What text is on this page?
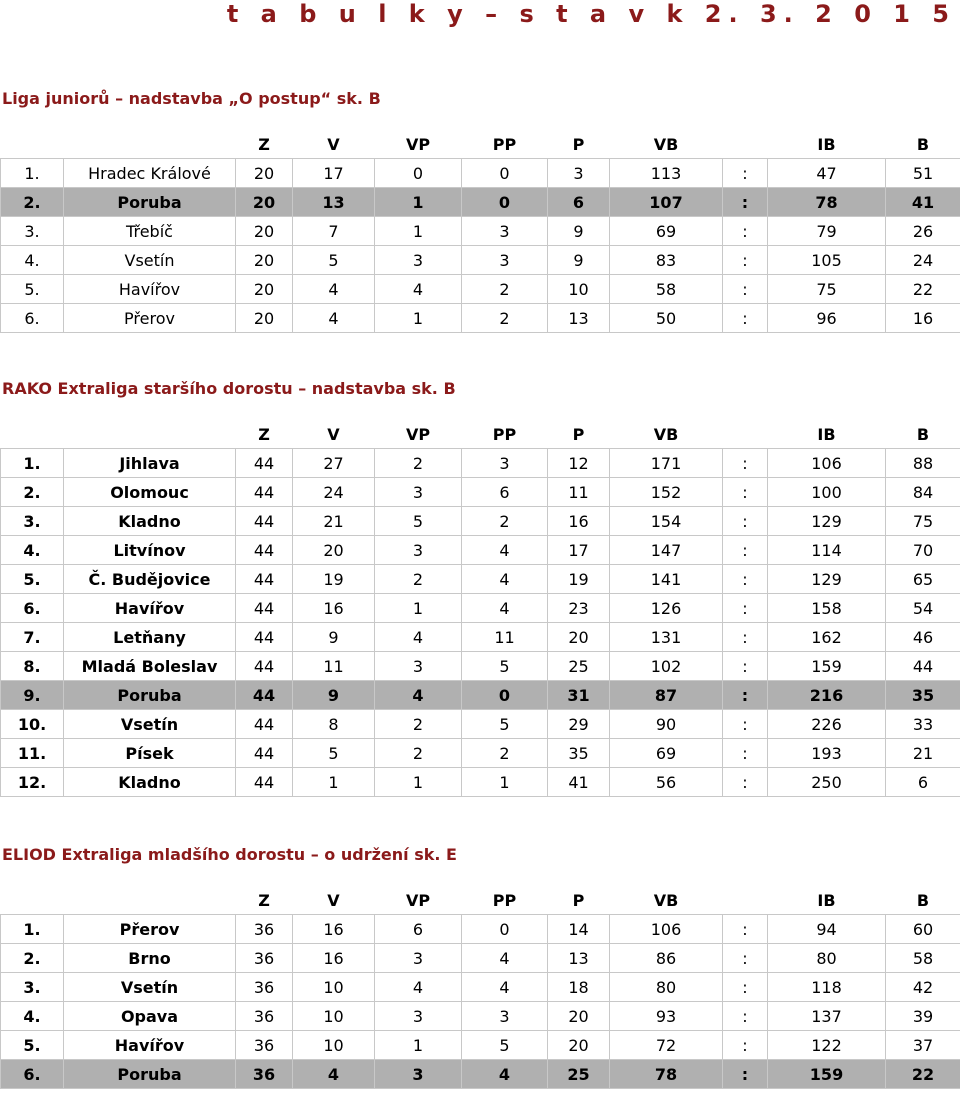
t a b u l k y – s t a v k 2. 3. 2 0 1 5
Liga juniorů – nadstavba „O postup“ sk. B
		Z	V	VP	PP	P	VB		IB	B
1.	Hradec Králové	20	17	0	0	3	113	:	47	51
2.	Poruba	20	13	1	0	6	107	:	78	41
3.	Třebíč	20	7	1	3	9	69	:	79	26
4.	Vsetín	20	5	3	3	9	83	:	105	24
5.	Havířov	20	4	4	2	10	58	:	75	22
6.	Přerov	20	4	1	2	13	50	:	96	16
RAKO Extraliga staršího dorostu – nadstavba sk. B
		Z	V	VP	PP	P	VB		IB	B
1.	Jihlava	44	27	2	3	12	171	:	106	88
2.	Olomouc	44	24	3	6	11	152	:	100	84
3.	Kladno	44	21	5	2	16	154	:	129	75
4.	Litvínov	44	20	3	4	17	147	:	114	70
5.	Č. Budějovice	44	19	2	4	19	141	:	129	65
6.	Havířov	44	16	1	4	23	126	:	158	54
7.	Letňany	44	9	4	11	20	131	:	162	46
8.	Mladá Boleslav	44	11	3	5	25	102	:	159	44
9.	Poruba	44	9	4	0	31	87	:	216	35
10.	Vsetín	44	8	2	5	29	90	:	226	33
11.	Písek	44	5	2	2	35	69	:	193	21
12.	Kladno	44	1	1	1	41	56	:	250	6
ELIOD Extraliga mladšího dorostu – o udržení sk. E
		Z	V	VP	PP	P	VB		IB	B
1.	Přerov	36	16	6	0	14	106	:	94	60
2.	Brno	36	16	3	4	13	86	:	80	58
3.	Vsetín	36	10	4	4	18	80	:	118	42
4.	Opava	36	10	3	3	20	93	:	137	39
5.	Havířov	36	10	1	5	20	72	:	122	37
6.	Poruba	36	4	3	4	25	78	:	159	22
